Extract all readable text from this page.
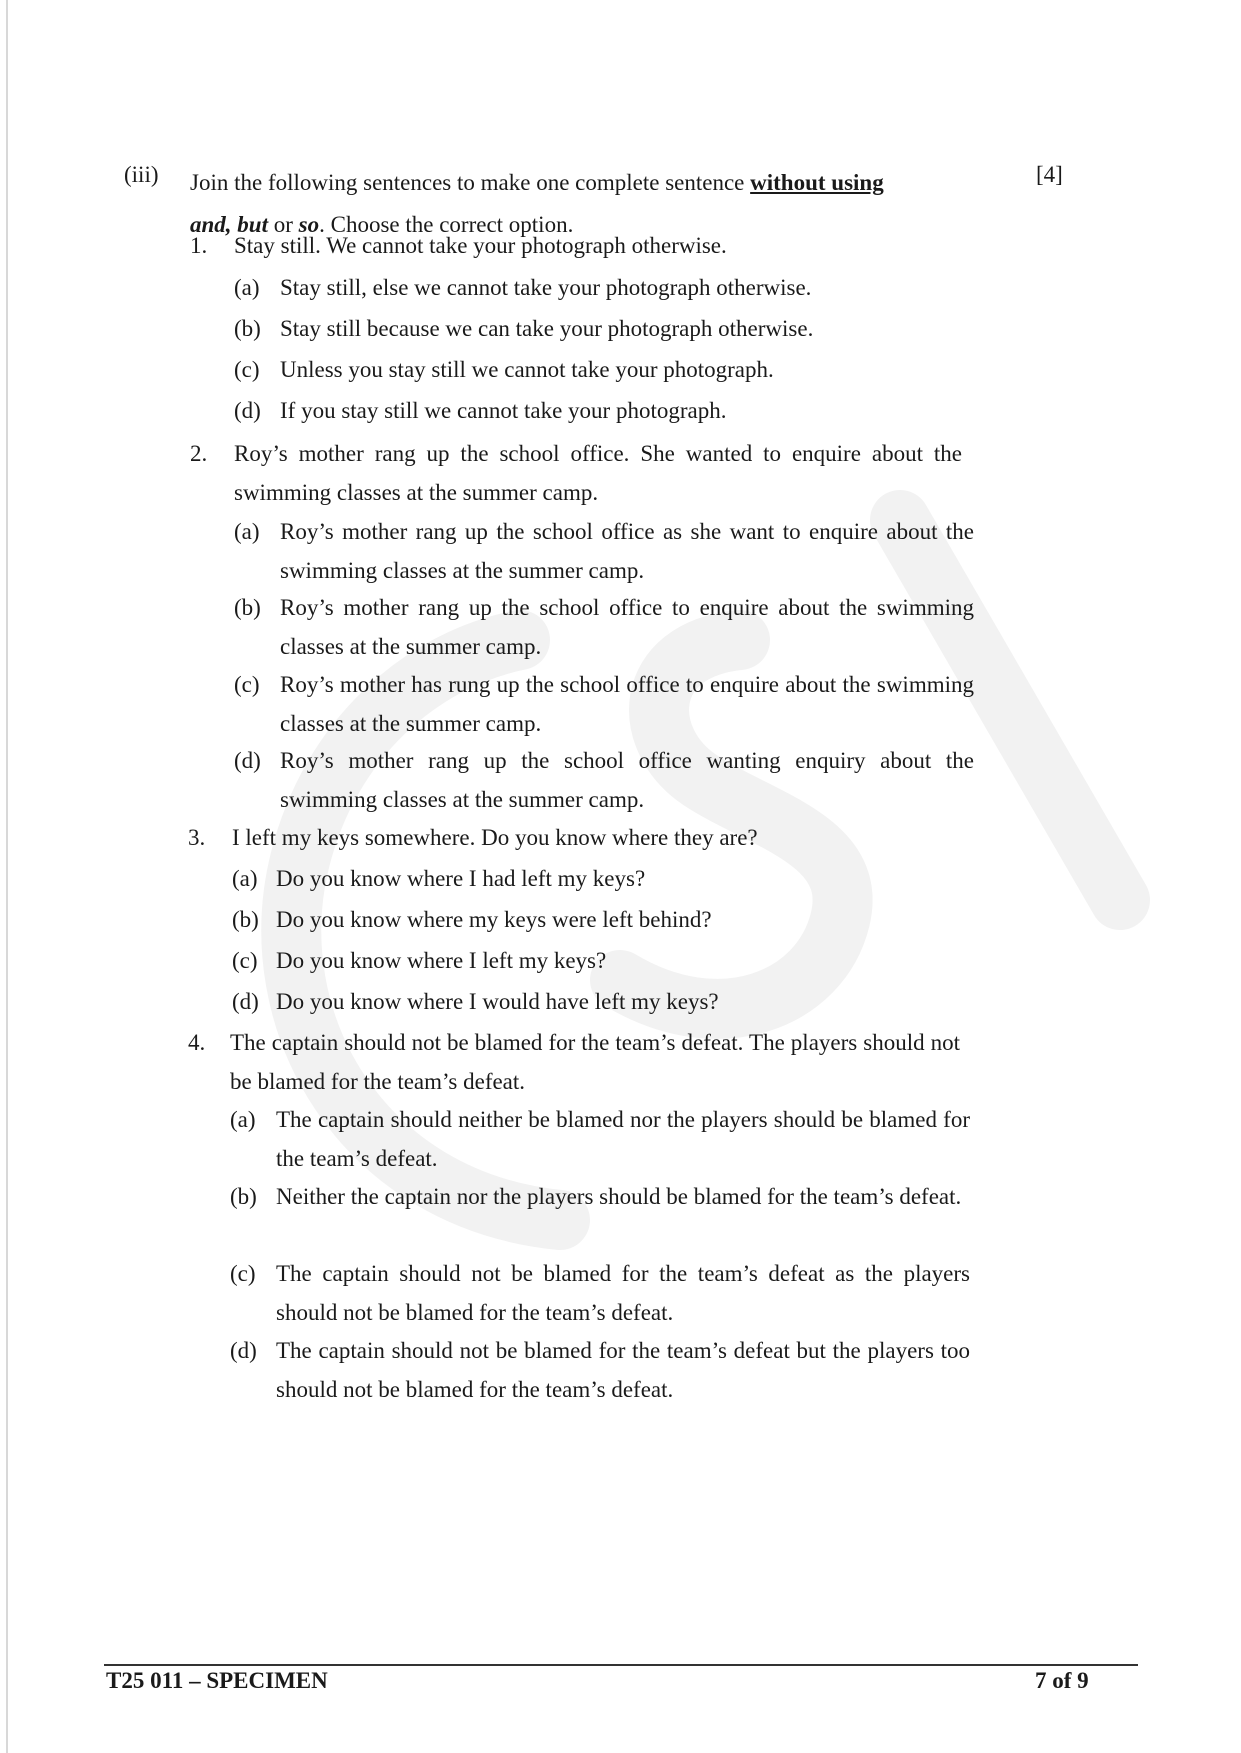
(iii)	[4]
Join the following sentences to make one complete sentence without using
and, but or so. Choose the correct option.
1. Stay still. We cannot take your photograph otherwise.
(a) Stay still, else we cannot take your photograph otherwise.
(b) Stay still because we can take your photograph otherwise.
(c) Unless you stay still we cannot take your photograph.
(d) If you stay still we cannot take your photograph.
2. Roy’s mother rang up the school office. She wanted to enquire about the swimming classes at the summer camp.
(a) Roy’s mother rang up the school office as she want to enquire about the swimming classes at the summer camp.
(b) Roy’s mother rang up the school office to enquire about the swimming classes at the summer camp.
(c) Roy’s mother has rung up the school office to enquire about the swimming classes at the summer camp.
(d) Roy’s mother rang up the school office wanting enquiry about the swimming classes at the summer camp.
3. I left my keys somewhere. Do you know where they are?
(a) Do you know where I had left my keys?
(b) Do you know where my keys were left behind?
(c) Do you know where I left my keys?
(d) Do you know where I would have left my keys?
4. The captain should not be blamed for the team’s defeat. The players should not be blamed for the team’s defeat.
(a) The captain should neither be blamed nor the players should be blamed for the team’s defeat.
(b) Neither the captain nor the players should be blamed for the team’s defeat.
(c) The captain should not be blamed for the team’s defeat as the players should not be blamed for the team’s defeat.
(d) The captain should not be blamed for the team’s defeat but the players too should not be blamed for the team’s defeat.
T25 011 – SPECIMEN	7 of 9
